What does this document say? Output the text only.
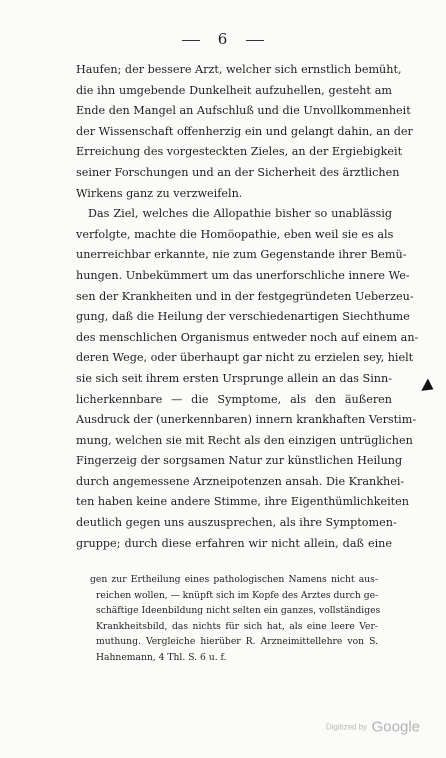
6
Haufen; der bessere Arzt, welcher sich ernstlich bemüht,
die ihn umgebende Dunkelheit aufzuhellen, gesteht am
Ende den Mangel an Aufschluß und die Unvollkommenheit
der Wissenschaft offenherzig ein und gelangt dahin, an der
Erreichung des vorgesteckten Zieles, an der Ergiebigkeit
seiner Forschungen und an der Sicherheit des ärztlichen
Wirkens ganz zu verzweifeln.
Das Ziel, welches die Allopathie bisher so unablässig
verfolgte, machte die Homöopathie, eben weil sie es als
unerreichbar erkannte, nie zum Gegenstande ihrer Bemü-
hungen. Unbekümmert um das unerforschliche innere We-
sen der Krankheiten und in der festgegründeten Ueberzeu-
gung, daß die Heilung der verschiedenartigen Siechthume
des menschlichen Organismus entweder noch auf einem an-
deren Wege, oder überhaupt gar nicht zu erzielen sey, hielt
sie sich seit ihrem ersten Ursprunge allein an das Sinn-
licherkennbare — die Symptome, als den äußeren
Ausdruck der (unerkennbaren) innern krankhaften Verstim-
mung, welchen sie mit Recht als den einzigen untrüglichen
Fingerzeig der sorgsamen Natur zur künstlichen Heilung
durch angemessene Arzneipotenzen ansah. Die Krankhei-
ten haben keine andere Stimme, ihre Eigenthümlichkeiten
deutlich gegen uns auszusprechen, als ihre Symptomen-
gruppe; durch diese erfahren wir nicht allein, daß eine
gen zur Ertheilung eines pathologischen Namens nicht aus-
reichen wollen, — knüpft sich im Kopfe des Arztes durch ge-
schäftige Ideenbildung nicht selten ein ganzes, vollständiges
Krankheitsbild, das nichts für sich hat, als eine leere Ver-
muthung. Vergleiche hierüber R. Arzneimittellehre von S.
Hahnemann, 4 Thl. S. 6 u. f.
Digitized by Google
